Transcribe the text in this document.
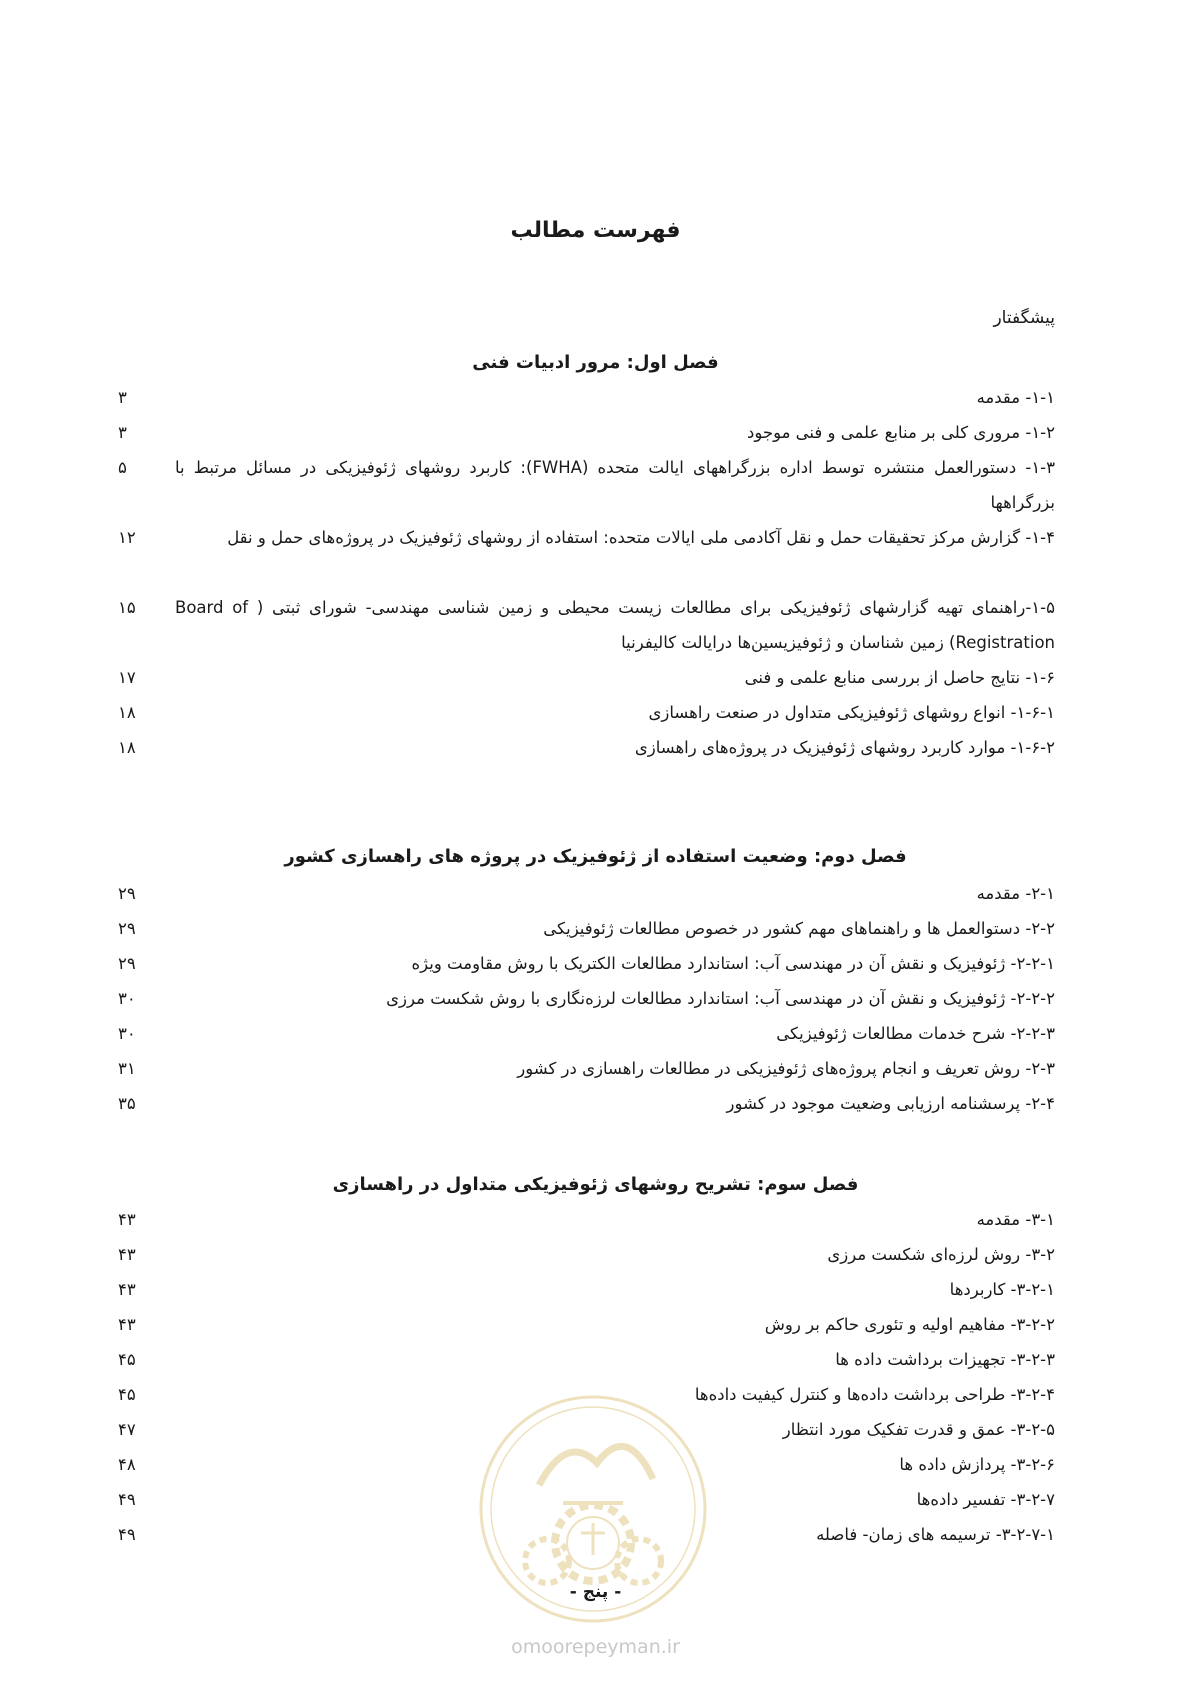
فهرست مطالب
پیشگفتار
فصل اول: مرور ادبیات فنی
۱-۱- مقدمه
۳
۱-۲- مروری کلی بر منابع علمی و فنی موجود
۳
۱-۳- دستورالعمل منتشره توسط اداره بزرگراههای ایالت متحده (FWHA): کاربرد روشهای ژئوفیزیکی در مسائل مرتبط با بزرگراهها
۵
۱-۴- گزارش مرکز تحقیقات حمل و نقل آکادمی ملی ایالات متحده: استفاده از روشهای ژئوفیزیک در پروژه‌های حمل و نقل
۱۲
۱-۵-راهنمای تهیه گزارشهای ژئوفیزیکی برای مطالعات زیست محیطی و زمین شناسی مهندسی- شورای ثبتی ( Board of Registration) زمین شناسان و ژئوفیزیسین‌ها درایالت کالیفرنیا
۱۵
۱-۶- نتایج حاصل از بررسی منابع علمی و فنی
۱۷
۱-۶-۱- انواع روشهای ژئوفیزیکی متداول در صنعت راهسازی
۱۸
۱-۶-۲- موارد کاربرد روشهای ژئوفیزیک در پروژه‌های راهسازی
۱۸
فصل دوم: وضعیت استفاده از ژئوفیزیک در پروژه های راهسازی کشور
۲-۱- مقدمه
۲۹
۲-۲- دستوالعمل ها و راهنماهای مهم کشور در خصوص مطالعات ژئوفیزیکی
۲۹
۲-۲-۱- ژئوفیزیک و نقش آن در مهندسی آب: استاندارد مطالعات الکتریک با روش مقاومت ویژه
۲۹
۲-۲-۲- ژئوفیزیک و نقش آن در مهندسی آب: استاندارد مطالعات لرزه‌نگاری با روش شکست مرزی
۳۰
۲-۲-۳- شرح خدمات مطالعات ژئوفیزیکی
۳۰
۲-۳- روش تعریف و انجام پروژه‌های ژئوفیزیکی در مطالعات راهسازی در کشور
۳۱
۲-۴- پرسشنامه ارزیابی وضعیت موجود در کشور
۳۵
فصل سوم: تشریح روشهای ژئوفیزیکی متداول در راهسازی
۳-۱- مقدمه
۴۳
۳-۲- روش لرزه‌ای شکست مرزی
۴۳
۳-۲-۱- کاربردها
۴۳
۳-۲-۲- مفاهیم اولیه و تئوری حاکم بر روش
۴۳
۳-۲-۳- تجهیزات برداشت داده ها
۴۵
۳-۲-۴- طراحی برداشت داده‌ها و کنترل کیفیت داده‌ها
۴۵
۳-۲-۵- عمق و قدرت تفکیک مورد انتظار
۴۷
۳-۲-۶- پردازش داده ها
۴۸
۳-۲-۷- تفسیر داده‌ها
۴۹
۳-۲-۷-۱- ترسیمه های زمان- فاصله
۴۹
- پنج -
omoorepeyman.ir
